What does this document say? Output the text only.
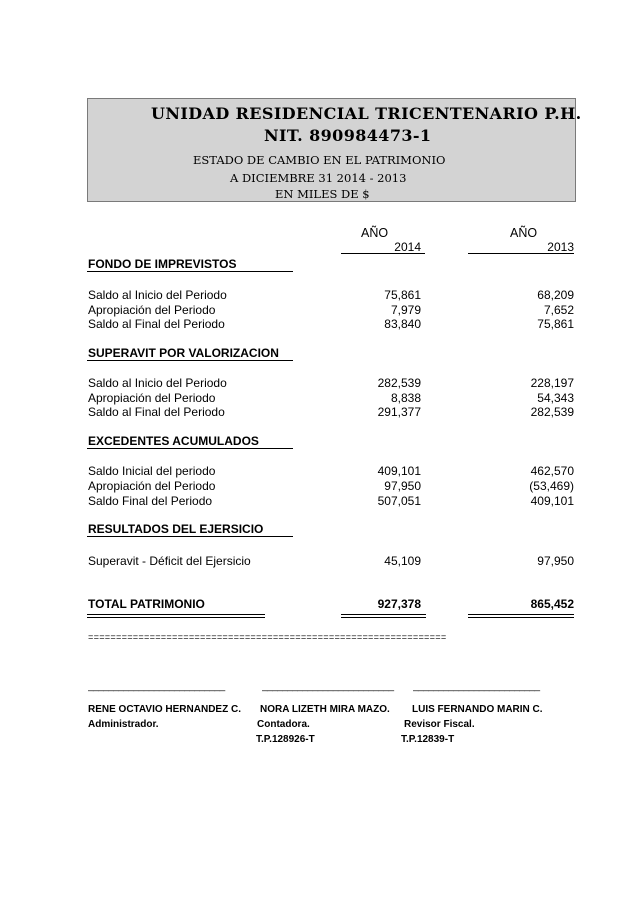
UNIDAD RESIDENCIAL TRICENTENARIO P.H.
NIT. 890984473-1
ESTADO DE CAMBIO EN EL PATRIMONIO
A DICIEMBRE 31 2014 - 2013
EN MILES DE $
AÑO
2014
AÑO
2013
FONDO DE IMPREVISTOS
Saldo al Inicio del Periodo	75,861	68,209
Apropiación del Periodo	7,979	7,652
Saldo al Final del Periodo	83,840	75,861
SUPERAVIT POR VALORIZACION
Saldo al Inicio del Periodo	282,539	228,197
Apropiación del Periodo	8,838	54,343
Saldo al Final del Periodo	291,377	282,539
EXCEDENTES ACUMULADOS
Saldo Inicial del periodo	409,101	462,570
Apropiación del Periodo	97,950	(53,469)
Saldo Final del Periodo	507,051	409,101
RESULTADOS DEL EJERSICIO
Superavit - Déficit del Ejersicio	45,109	97,950
TOTAL PATRIMONIO	927,378	865,452
================================================================
___________________________	__________________________	_________________________
RENE OCTAVIO HERNANDEZ C. NORA LIZETH MIRA MAZO. LUIS FERNANDO MARIN C.
Administrador.	Contadora.	Revisor Fiscal.
T.P.128926-T	T.P.12839-T
